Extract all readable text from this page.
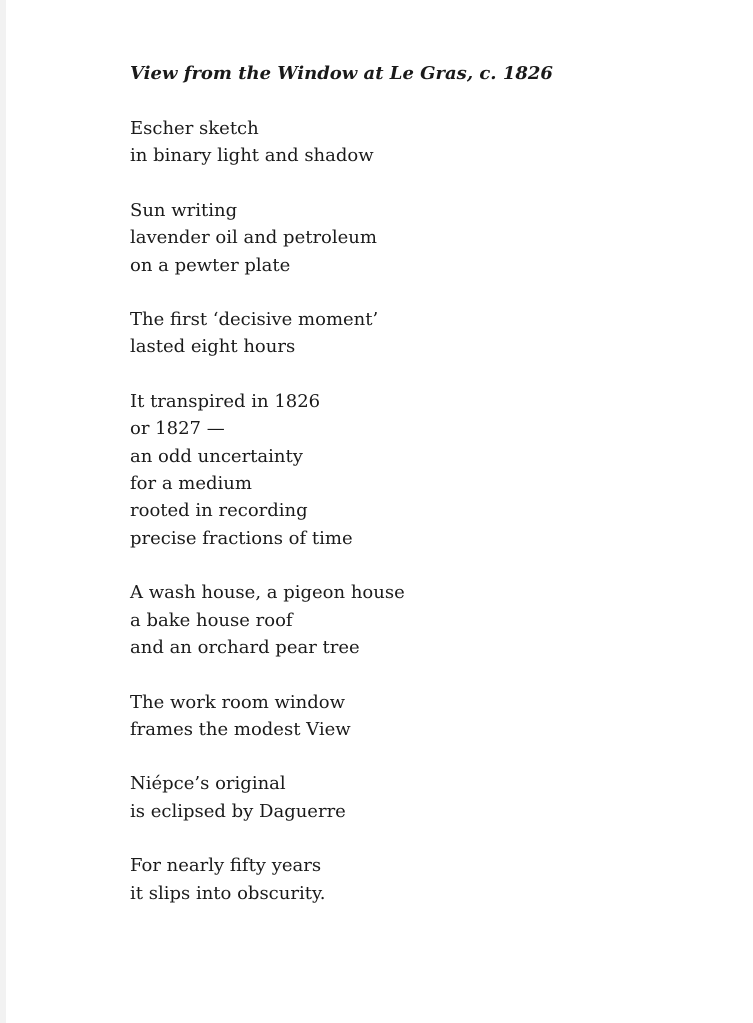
View from the Window at Le Gras, c. 1826
Escher sketch
in binary light and shadow
Sun writing
lavender oil and petroleum
on a pewter plate
The first ‘decisive moment’
lasted eight hours
It transpired in 1826
or 1827 —
an odd uncertainty
for a medium
rooted in recording
precise fractions of time
A wash house, a pigeon house
a bake house roof
and an orchard pear tree
The work room window
frames the modest View
Niépce’s original
is eclipsed by Daguerre
For nearly fifty years
it slips into obscurity.
